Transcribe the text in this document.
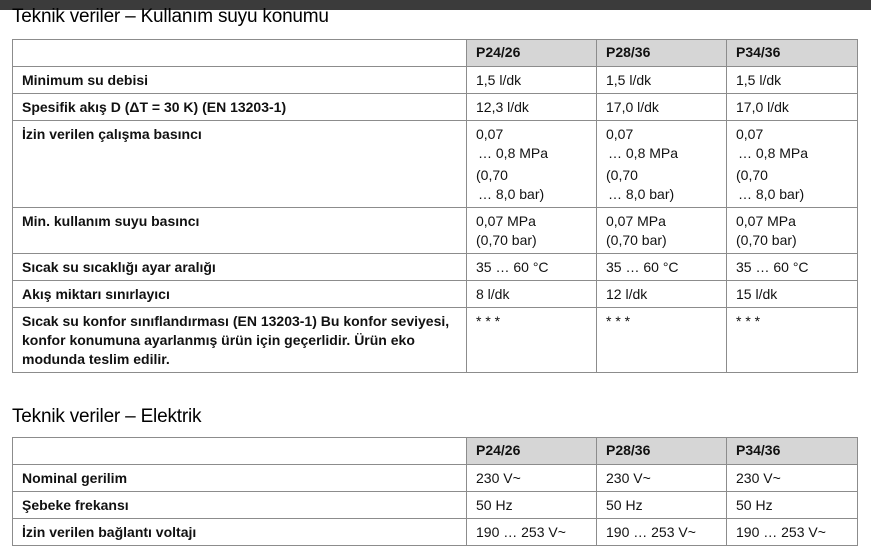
Teknik veriler – Kullanım suyu konumu
	P24/26	P28/36	P34/36
Minimum su debisi	1,5 l/dk	1,5 l/dk	1,5 l/dk

Spesifik akış D (ΔT = 30 K) (EN 13203-1)	12,3 l/dk	17,0 l/dk	17,0 l/dk

İzin verilen çalışma basıncı	0,07
… 0,8 MPa
(0,70
… 8,0 bar)	0,07
… 0,8 MPa
(0,70
… 8,0 bar)	0,07
… 0,8 MPa
(0,70
… 8,0 bar)

Min. kullanım suyu basıncı	0,07 MPa
(0,70 bar)	0,07 MPa
(0,70 bar)	0,07 MPa
(0,70 bar)

Sıcak su sıcaklığı ayar aralığı	35 … 60 °C	35 … 60 °C	35 … 60 °C

Akış miktarı sınırlayıcı	8 l/dk	12 l/dk	15 l/dk

Sıcak su konfor sınıflandırması (EN 13203-1) Bu konfor seviyesi, konfor konumuna ayarlanmış ürün için geçerlidir. Ürün eko modunda teslim edilir.	* * *	* * *	* * *
Teknik veriler – Elektrik
	P24/26	P28/36	P34/36
Nominal gerilim	230 V~	230 V~	230 V~

Şebeke frekansı	50 Hz	50 Hz	50 Hz

İzin verilen bağlantı voltajı	190 … 253 V~	190 … 253 V~	190 … 253 V~
